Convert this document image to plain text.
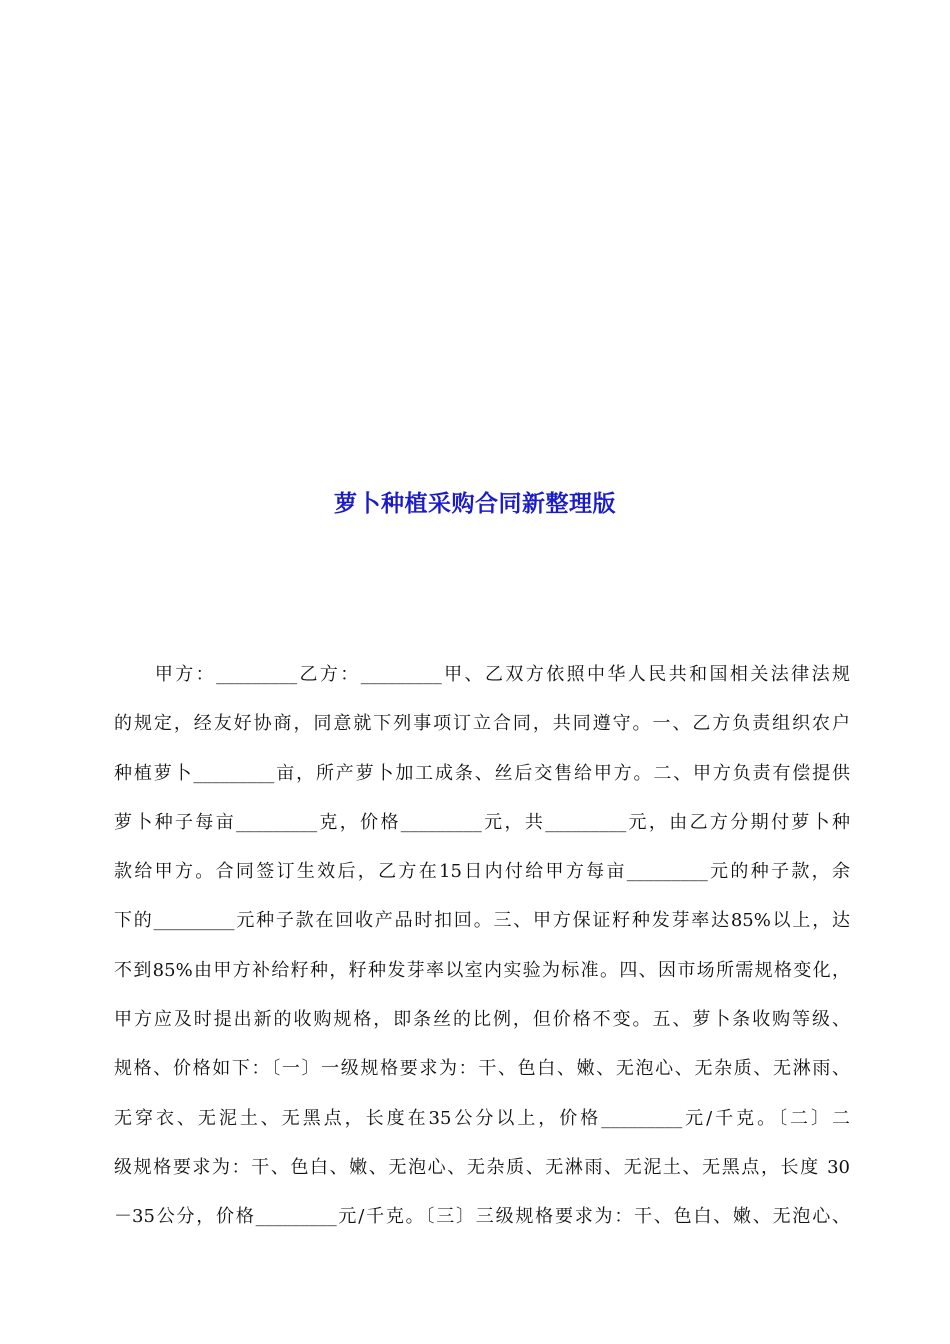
萝卜种植采购合同新整理版
　　甲方：_________乙方：_________甲、乙双方依照中华人民共和国相关法律法规
的规定，经友好协商，同意就下列事项订立合同，共同遵守。一、乙方负责组织农户
种植萝卜_________亩，所产萝卜加工成条、丝后交售给甲方。二、甲方负责有偿提供
萝卜种子每亩_________克，价格_________元，共_________元，由乙方分期付萝卜种
款给甲方。合同签订生效后，乙方在15日内付给甲方每亩_________元的种子款，余
下的_________元种子款在回收产品时扣回。三、甲方保证籽种发芽率达85%以上，达
不到85%由甲方补给籽种，籽种发芽率以室内实验为标准。四、因市场所需规格变化，
甲方应及时提出新的收购规格，即条丝的比例，但价格不变。五、萝卜条收购等级、
规格、价格如下：〔一〕一级规格要求为：干、色白、嫩、无泡心、无杂质、无淋雨、
无穿衣、无泥土、无黑点，长度在35公分以上，价格_________元/千克。〔二〕二
级规格要求为：干、色白、嫩、无泡心、无杂质、无淋雨、无泥土、无黑点，长度 30
－35公分，价格_________元/千克。〔三〕三级规格要求为：干、色白、嫩、无泡心、
